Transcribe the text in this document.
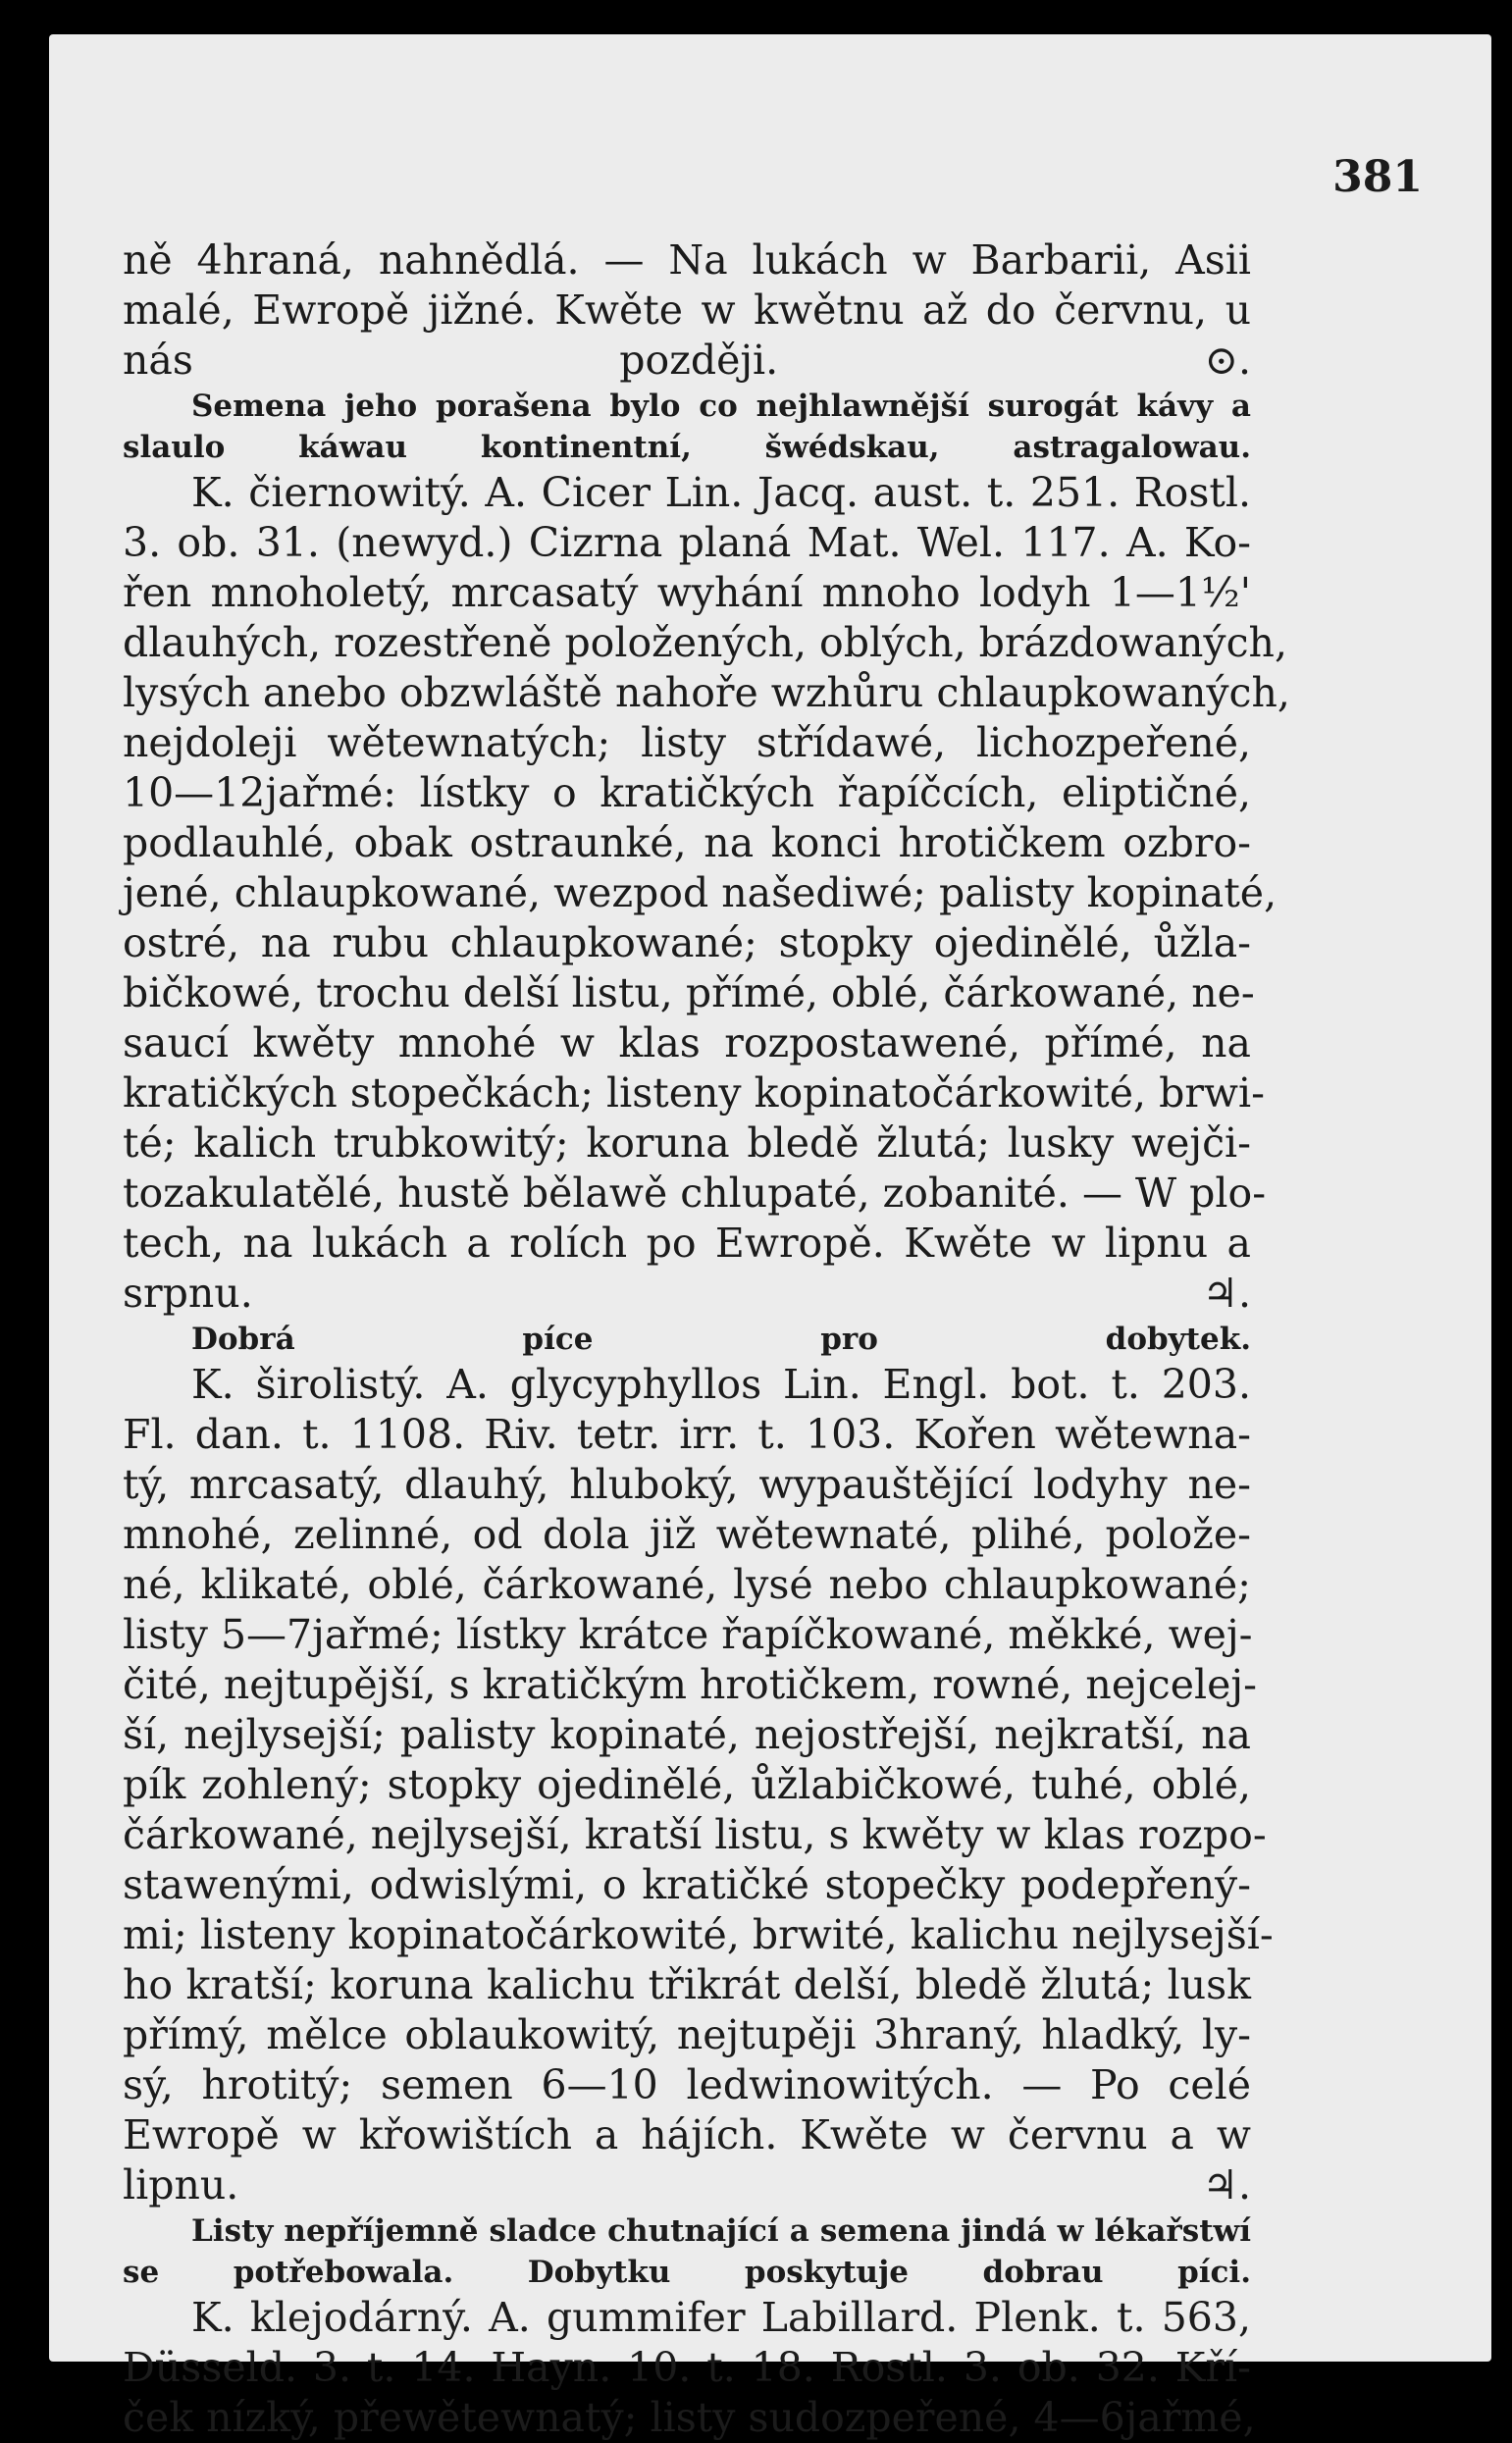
381
ně 4hraná, nahnědlá. — Na lukách w Barbarii, Asii
malé, Ewropě jižné. Kwěte w kwětnu až do červnu, u
nás později. ⊙.
Semena jeho porašena bylo co nejhlawnější surogát kávy a
slaulo káwau kontinentní, šwédskau, astragalowau.
K. čiernowitý. A. Cicer Lin. Jacq. aust. t. 251. Rostl.
3. ob. 31. (newyd.) Cizrna planá Mat. Wel. 117. A. Ko-
řen mnoholetý, mrcasatý wyhání mnoho lodyh 1—1½'
dlauhých, rozestřeně položených, oblých, brázdowaných,
lysých anebo obzwláště nahoře wzhůru chlaupkowaných,
nejdoleji wětewnatých; listy střídawé, lichozpeřené,
10—12jařmé: lístky o kratičkých řapíčcích, eliptičné,
podlauhlé, obak ostraunké, na konci hrotičkem ozbro-
jené, chlaupkowané, wezpod našediwé; palisty kopinaté,
ostré, na rubu chlaupkowané; stopky ojedinělé, ůžla-
bičkowé, trochu delší listu, přímé, oblé, čárkowané, ne-
saucí kwěty mnohé w klas rozpostawené, přímé, na
kratičkých stopečkách; listeny kopinatočárkowité, brwi-
té; kalich trubkowitý; koruna bledě žlutá; lusky wejči-
tozakulatělé, hustě bělawě chlupaté, zobanité. — W plo-
tech, na lukách a rolích po Ewropě. Kwěte w lipnu a
srpnu. ♃.
Dobrá píce pro dobytek.
K. širolistý. A. glycyphyllos Lin. Engl. bot. t. 203.
Fl. dan. t. 1108. Riv. tetr. irr. t. 103. Kořen wětewna-
tý, mrcasatý, dlauhý, hluboký, wypauštějící lodyhy ne-
mnohé, zelinné, od dola již wětewnaté, plihé, polože-
né, klikaté, oblé, čárkowané, lysé nebo chlaupkowané;
listy 5—7jařmé; lístky krátce řapíčkowané, měkké, wej-
čité, nejtupější, s kratičkým hrotičkem, rowné, nejcelej-
ší, nejlysejší; palisty kopinaté, nejostřejší, nejkratší, na
pík zohlený; stopky ojedinělé, ůžlabičkowé, tuhé, oblé,
čárkowané, nejlysejší, kratší listu, s kwěty w klas rozpo-
stawenými, odwislými, o kratičké stopečky podepřený-
mi; listeny kopinatočárkowité, brwité, kalichu nejlysejší-
ho kratší; koruna kalichu třikrát delší, bledě žlutá; lusk
přímý, mělce oblaukowitý, nejtupěji 3hraný, hladký, ly-
sý, hrotitý; semen 6—10 ledwinowitých. — Po celé
Ewropě w křowištích a hájích. Kwěte w červnu a w
lipnu. ♃.
Listy nepříjemně sladce chutnající a semena jindá w lékařstwí
se potřebowala. Dobytku poskytuje dobrau píci.
K. klejodárný. A. gummifer Labillard. Plenk. t. 563,
Düsseld. 3. t. 14. Hayn. 10. t. 18. Rostl. 3. ob. 32. Kří-
ček nízký, přewětewnatý; listy sudozpeřené, 4—6jařmé,
